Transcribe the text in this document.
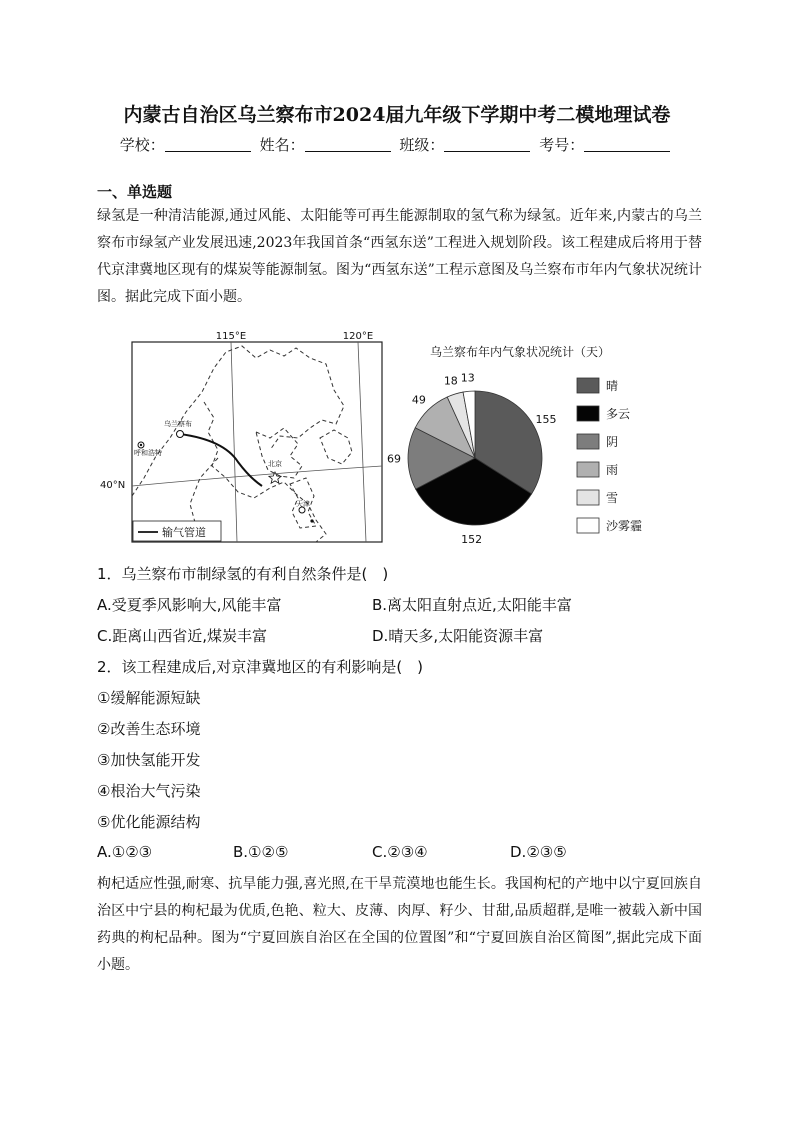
内蒙古自治区乌兰察布市2024届九年级下学期中考二模地理试卷
学校：	姓名：	班级：	考号：
一、单选题
绿氢是一种清洁能源,通过风能、太阳能等可再生能源制取的氢气称为绿氢。近年来,内蒙古的乌兰察布市绿氢产业发展迅速,2023年我国首条“西氢东送”工程进入规划阶段。该工程建成后将用于替代京津冀地区现有的煤炭等能源制氢。图为“西氢东送”工程示意图及乌兰察布市年内气象状况统计图。据此完成下面小题。
115°E	120°E
40°N
乌兰察布
呼和浩特
北京
天津
输气管道
乌兰察布年内气象状况统计（天）
155
152
69
49
18 13
晴
多云
阴
雨
雪
沙雾霾
1．乌兰察布市制绿氢的有利自然条件是(　)
A.受夏季风影响大,风能丰富	B.离太阳直射点近,太阳能丰富
C.距离山西省近,煤炭丰富	D.晴天多,太阳能资源丰富
2．该工程建成后,对京津冀地区的有利影响是(　)
①缓解能源短缺
②改善生态环境
③加快氢能开发
④根治大气污染
⑤优化能源结构
A.①②③	B.①②⑤	C.②③④	D.②③⑤
枸杞适应性强,耐寒、抗旱能力强,喜光照,在干旱荒漠地也能生长。我国枸杞的产地中以宁夏回族自治区中宁县的枸杞最为优质,色艳、粒大、皮薄、肉厚、籽少、甘甜,品质超群,是唯一被载入新中国药典的枸杞品种。图为“宁夏回族自治区在全国的位置图”和“宁夏回族自治区简图”,据此完成下面小题。
